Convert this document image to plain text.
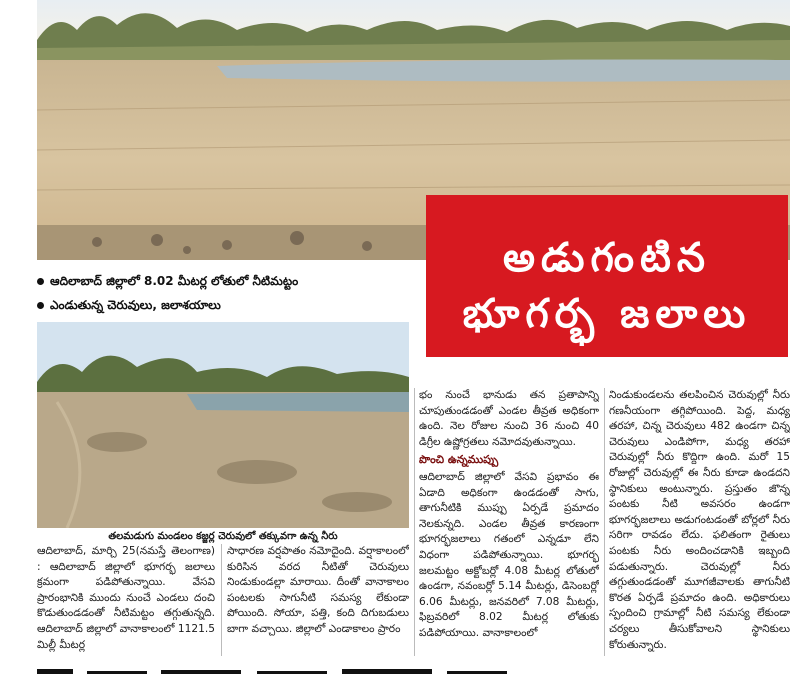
అడుగంటిన
భూగర్భ జలాలు
ఆదిలాబాద్ జిల్లాలో 8.02 మీటర్ల లోతులో నీటిమట్టం
ఎండుతున్న చెరువులు, జలాశయాలు
తలమడుగు మండలం కజ్జర్ల చెరువులో తక్కువగా ఉన్న నీరు

ఆదిలాబాద్, మార్చి 25(నమస్తే తెలంగాణ) : ఆదిలాబాద్ జిల్లాలో భూగర్భ జలాలు క్రమంగా పడిపోతున్నాయి. వేసవి ప్రారంభానికి ముందు నుంచే ఎండలు దంచి కొడుతుండడంతో నీటిమట్టం తగ్గుతున్నది. ఆదిలాబాద్ జిల్లాలో వానాకాలంలో 1121.5 మిల్లీ మీటర్ల

సాధారణ వర్షపాతం నమోదైంది. వర్షాకాలంలో కురిసిన వరద నీటితో చెరువులు నిండుకుండల్లా మారాయి. దీంతో వానాకాలం పంటలకు సాగునీటి సమస్య లేకుండా పోయింది. సోయా, పత్తి, కంది దిగుబడులు బాగా వచ్చాయి. జిల్లాలో ఎండాకాలం ప్రారం

భం నుంచే భానుడు తన ప్రతాపాన్ని చూపుతుండడంతో ఎండల తీవ్రత అధికంగా ఉంది. నెల రోజుల నుంచి 36 నుంచి 40 డిగ్రీల ఉష్ణోగ్రతలు నమోదవుతున్నాయి.

పొంచి ఉన్నముప్పు

ఆదిలాబాద్ జిల్లాలో వేసవి ప్రభావం ఈ ఏడాది అధికంగా ఉండడంతో సాగు, తాగునీటికి ముప్పు ఏర్పడే ప్రమాదం నెలకున్నది. ఎండల తీవ్రత కారణంగా భూగర్భజలాలు గతంలో ఎన్నడూ లేని విధంగా పడిపోతున్నాయి. భూగర్భ జలమట్టం అక్టోబర్లో 4.08 మీటర్ల లోతులో ఉండగా, నవంబర్లో 5.14 మీటర్లు, డిసెంబర్లో 6.06 మీటర్లు, జనవరిలో 7.08 మీటర్లు, ఫిబ్రవరిలో 8.02 మీటర్ల లోతుకు పడిపోయాయి. వానాకాలంలో

నిండుకుండలను తలపించిన చెరువుల్లో నీరు గణనీయంగా తగ్గిపోయింది. పెద్ద, మధ్య తరహా, చిన్న చెరువులు 482 ఉండగా చిన్న చెరువులు ఎండిపోగా, మధ్య తరహా చెరువుల్లో నీరు కొద్దిగా ఉంది. మరో 15 రోజుల్లో చెరువుల్లో ఈ నీరు కూడా ఉండదని స్థానికులు అంటున్నారు. ప్రస్తుతం జొన్న పంటకు నీటి అవసరం ఉండగా భూగర్భజలాలు అడుగంటడంతో బోర్లలో నీరు సరిగా రావడం లేదు. ఫలితంగా రైతులు పంటకు నీరు అందించడానికి ఇబ్బంది పడుతున్నారు. చెరువుల్లో నీరు తగ్గుతుండడంతో మూగజీవాలకు తాగునీటి కొరత ఏర్పడే ప్రమాదం ఉంది. అధికారులు స్పందించి గ్రామాల్లో నీటి సమస్య లేకుండా చర్యలు తీసుకోవాలని స్థానికులు కోరుతున్నారు.
